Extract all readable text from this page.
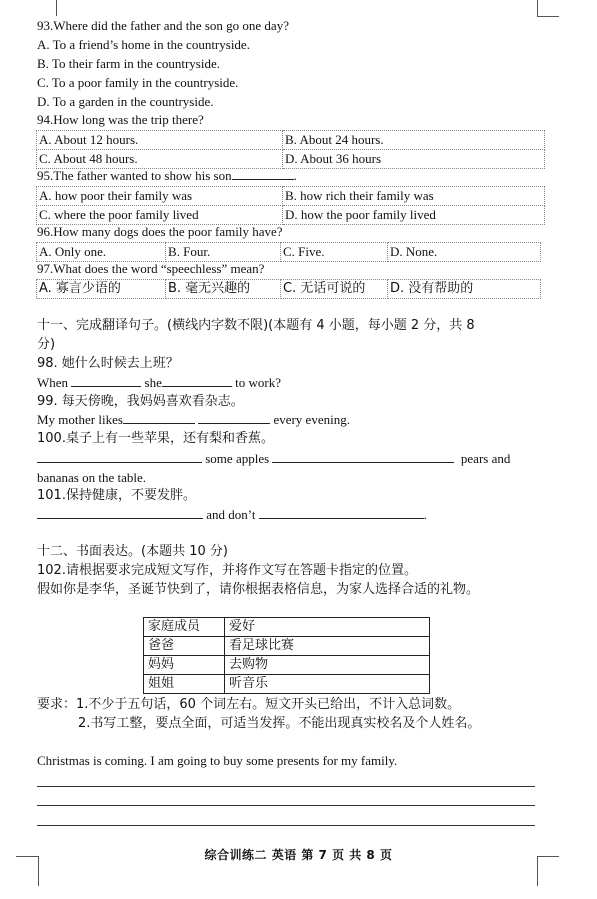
93.Where did the father and the son go one day?
A. To a friend’s home in the countryside.
B. To their farm in the countryside.
C. To a poor family in the countryside.
D. To a garden in the countryside.
94.How long was the trip there?
A. About 12 hours.	B. About 24 hours.
C. About 48 hours.	D. About 36 hours
95.The father wanted to show his son	.
A. how poor their family was	B. how rich their family was
C. where the poor family lived	D. how the poor family lived
96.How many dogs does the poor family have?
A. Only one.	B. Four.	C. Five.	D. None.
97.What does the word “speechless” mean?
A. 寡言少语的	B. 毫无兴趣的	C. 无话可说的	D. 没有帮助的
十一、完成翻译句子。(横线内字数不限)(本题有 4 小题，每小题 2 分，共 8
分)
98. 她什么时候去上班？
When	she	to work?
99. 每天傍晚，我妈妈喜欢看杂志。
My mother likes	every evening.
100.桌子上有一些苹果，还有梨和香蕉。
some apples	pears and
bananas on the table.
101.保持健康，不要发胖。
and don’t	.
十二、书面表达。(本题共 10 分)
102.请根据要求完成短文写作，并将作文写在答题卡指定的位置。
假如你是李华，圣诞节快到了，请你根据表格信息，为家人选择合适的礼物。
家庭成员	爱好
爸爸	看足球比赛
妈妈	去购物
姐姐	听音乐
要求：1.不少于五句话，60 个词左右。短文开头已给出，不计入总词数。
2.书写工整，要点全面，可适当发挥。不能出现真实校名及个人姓名。
Christmas is coming. I am going to buy some presents for my family.
综合训练二 英语 第 7 页 共 8 页
